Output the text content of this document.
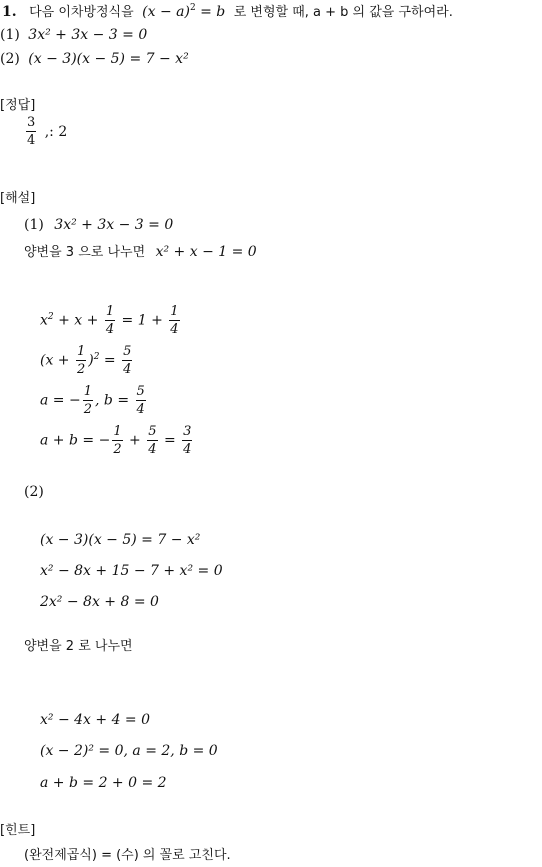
1. 다음 이차방정식을 $(x - a)^2 = b$ 로 변형할 때, a + b 의 값을 구하여라.
(1) 3x² + 3x − 3 = 0
(2) (x − 3)(x − 5) = 7 − x²
[정답]
$\frac{3}{4}$ ,: 2
[해설]
(1) 3x² + 3x − 3 = 0
양변을 3 으로 나누면 x² + x − 1 = 0
$x^2 + x + \frac{1}{4} = 1 + \frac{1}{4}$
$(x + \frac{1}{2} )^2 = \frac{5}{4}$
a = − $\frac{1}{2}$ , $b = \frac{5}{4}$
a + b = − $\frac{1}{2} + \frac{5}{4} = \frac{3}{4}$
(2)
(x − 3)(x − 5) = 7 − x²
x² − 8x + 15 − 7 + x² = 0
2x² − 8x + 8 = 0
양변을 2 로 나누면
x² − 4x + 4 = 0
(x − 2)² = 0, a = 2, b = 0
a + b = 2 + 0 = 2
[힌트]
(완전제곱식) = (수) 의 꼴로 고친다.
